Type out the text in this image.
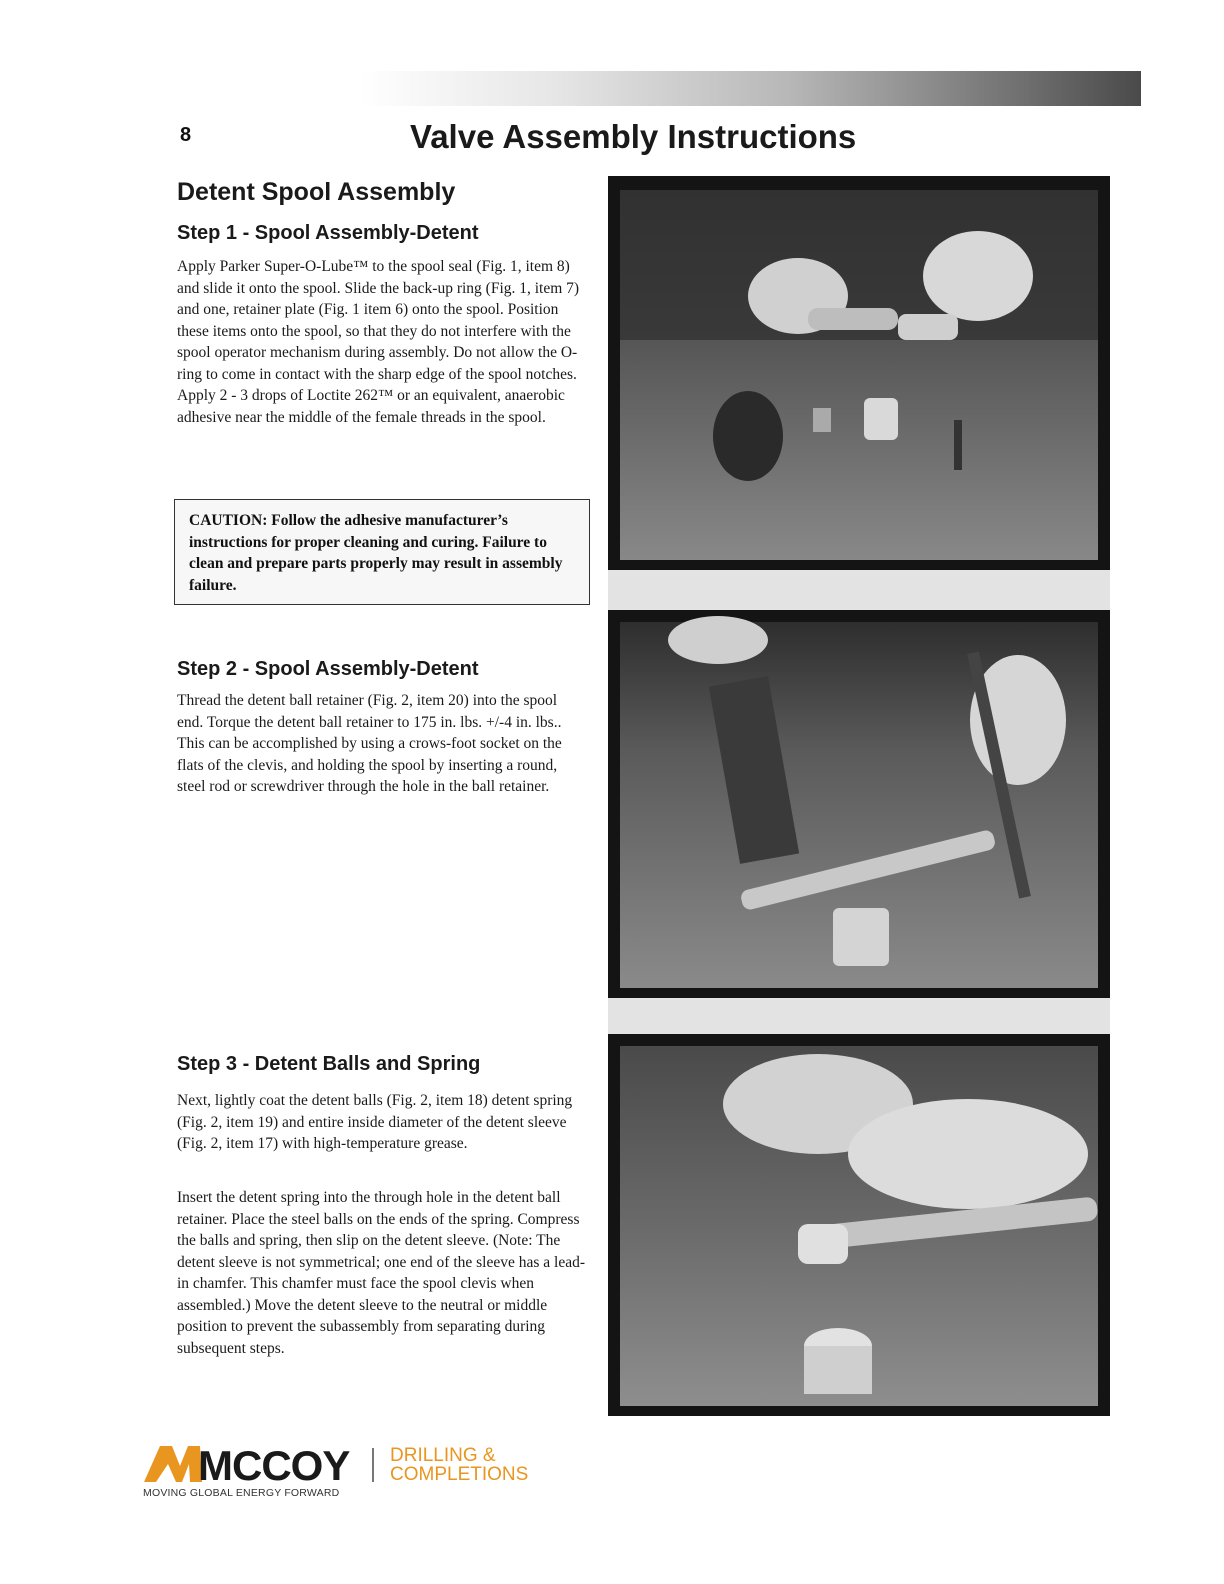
8	Valve Assembly Instructions
Detent Spool Assembly
Step 1 - Spool Assembly-Detent

Apply Parker Super-O-Lube™ to the spool seal (Fig. 1, item 8) and slide it onto the spool. Slide the back-up ring (Fig. 1, item 7) and one, retainer plate (Fig. 1 item 6) onto the spool. Position these items onto the spool, so that they do not interfere with the spool operator mechanism during assembly. Do not allow the O-ring to come in contact with the sharp edge of the spool notches. Apply 2 - 3 drops of Loctite 262™ or an equivalent, anaerobic adhesive near the middle of the female threads in the spool.

CAUTION: Follow the adhesive manufacturer’s instructions for proper cleaning and curing. Failure to clean and prepare parts properly may result in assembly failure.
Step 2 - Spool Assembly-Detent

Thread the detent ball retainer (Fig. 2, item 20) into the spool end. Torque the detent ball retainer to 175 in. lbs. +/-4 in. lbs.. This can be accomplished by using a crows-foot socket on the flats of the clevis, and holding the spool by inserting a round, steel rod or screwdriver through the hole in the ball retainer.

Step 3 - Detent Balls and Spring

Next, lightly coat the detent balls (Fig. 2, item 18) detent spring (Fig. 2, item 19) and entire inside diameter of the detent sleeve (Fig. 2, item 17) with high-temperature grease.

Insert the detent spring into the through hole in the detent ball retainer. Place the steel balls on the ends of the spring. Compress the balls and spring, then slip on the detent sleeve. (Note: The detent sleeve is not symmetrical; one end of the sleeve has a lead-in chamfer. This chamfer must face the spool clevis when assembled.) Move the detent sleeve to the neutral or middle position to prevent the subassembly from separating during subsequent steps.

MCCOY
MOVING GLOBAL ENERGY FORWARD
DRILLING &
COMPLETIONS
